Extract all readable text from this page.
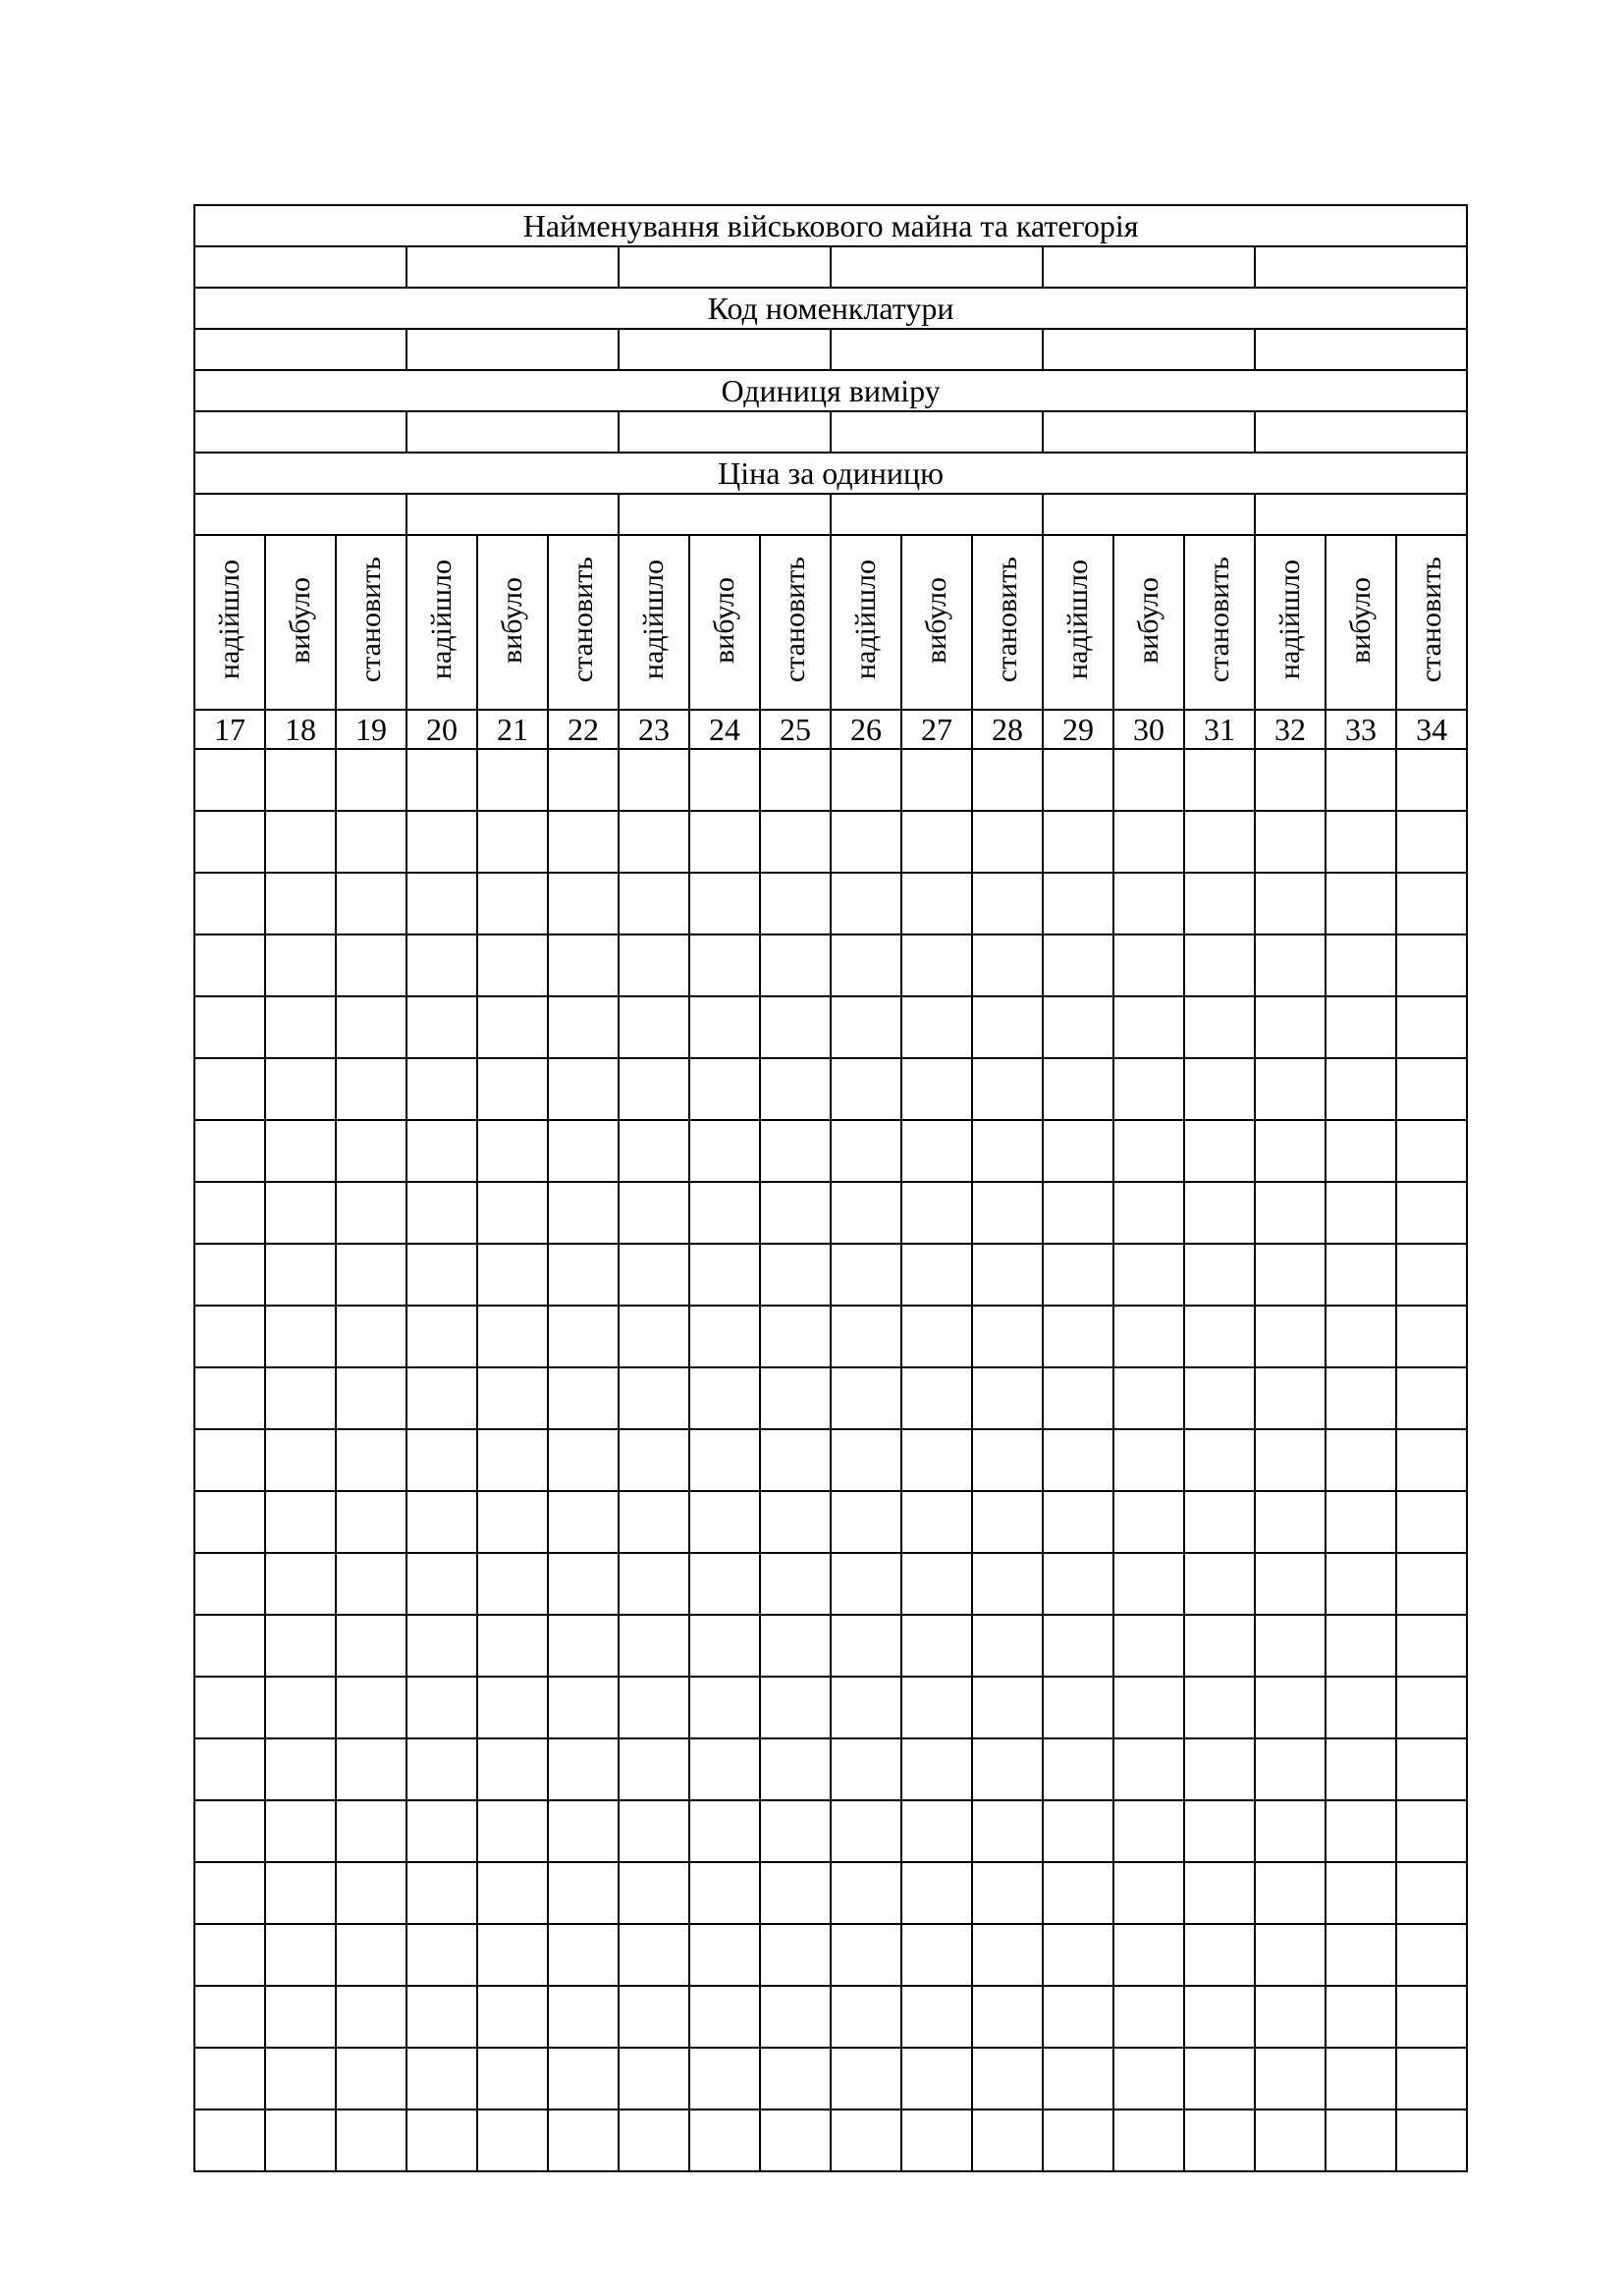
Найменування військового майна та категорія																	

Код номенклатури																	

Одиниця виміру																	

Ціна за одиницю																	

надійшло	вибуло	становить	надійшло	вибуло	становить	надійшло	вибуло	становить	надійшло	вибуло	становить	надійшло	вибуло	становить	надійшло	вибуло	становить
17	18	19	20	21	22	23	24	25	26	27	28	29	30	31	32	33	34
